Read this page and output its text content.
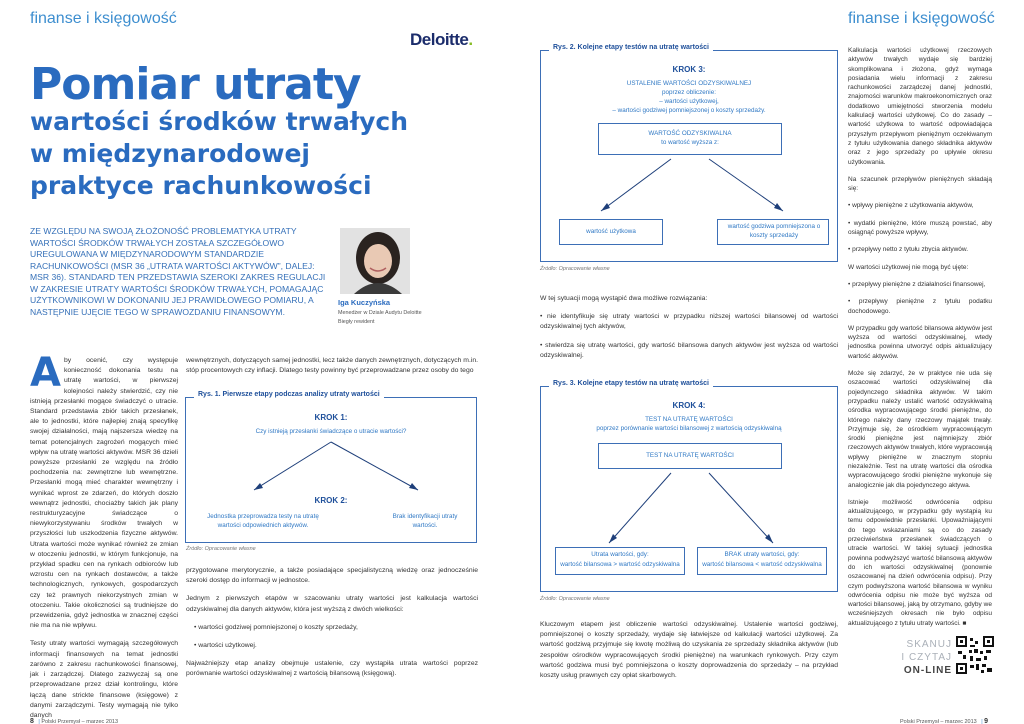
finanse i księgowość
Deloitte.
Pomiar utraty
wartości środków trwałych
w międzynarodowej
praktyce rachunkowości
ZE WZGLĘDU NA SWOJĄ ZŁOŻONOŚĆ PROBLEMATYKA UTRATY WARTOŚCI ŚRODKÓW TRWAŁYCH ZOSTAŁA SZCZEGÓŁOWO UREGULOWANA W MIĘDZYNARODOWYM STANDARDZIE RACHUNKOWOŚCI (MSR 36 „UTRATA WARTOŚCI AKTYWÓW”, DALEJ: MSR 36). STANDARD TEN PRZEDSTAWIA SZEROKI ZAKRES REGULACJI W ZAKRESIE UTRATY WARTOŚCI ŚRODKÓW TRWAŁYCH, POMAGAJĄC UŻYTKOWNIKOWI W DOKONANIU JEJ PRAWIDŁOWEGO POMIARU, A NASTĘPNIE UJĘCIE TEGO W SPRAWOZDANIU FINANSOWYM.
Iga Kuczyńska
Menedżer w Dziale Audytu Deloitte
Biegły rewident

Aby ocenić, czy występuje konieczność dokonania testu na utratę wartości, w pierwszej kolejności należy stwierdzić, czy nie istnieją przesłanki mogące świadczyć o utracie. Standard przedstawia zbiór takich przesłanek, ale to jednostki, które najlepiej znają specyfikę swojej działalności, mają najszersza wiedzę na temat potencjalnych zagrożeń mogących mieć wpływ na utratę wartości aktywów. MSR 36 dzieli powyższe przesłanki ze względu na źródło pochodzenia na: zewnętrzne lub wewnętrzne. Przesłanki mogą mieć charakter wewnętrzny i wynikać wprost ze zdarzeń, do których doszło wewnątrz jednostki, chociażby takich jak plany restrukturyzacyjne świadczące o niewykorzystywaniu środków trwałych w przyszłości lub uszkodzenia fizyczne aktywów. Utrata wartości może wynikać również ze zmian w otoczeniu jednostki, w którym funkcjonuje, na przykład spadku cen na rynkach odbiorców lub wzrostu cen na rynkach dostawców, a także technologicznych, rynkowych, gospodarczych czy też prawnych niekorzystnych zmian w otoczeniu. Takie okoliczności są trudniejsze do przewidzenia, gdyż jednostka w znacznej części nie ma na nie wpływu.

Testy utraty wartości wymagają szczegółowych informacji finansowych na temat jednostki zarówno z zakresu rachunkowości finansowej, jak i zarządczej. Dlatego zazwyczaj są one przeprowadzane przez dział kontrolingu, które łączą dane strickte finansowe (księgowe) z danymi zarządczymi. Testy wymagają nie tylko danych

wewnętrznych, dotyczących samej jednostki, lecz także danych zewnętrznych, dotyczących m.in. stóp procentowych czy inflacji. Dlatego testy powinny być przeprowadzane przez osoby do tego

Rys. 1. Pierwsze etapy podczas analizy utraty wartości
KROK 1:
Czy istnieją przesłanki świadczące o utracie wartości?
KROK 2:
Jednostka przeprowadza testy na utratę wartości odpowiednich aktywów.
Brak identyfikacji utraty wartości.
Źródło: Opracowanie własne

przygotowane merytorycznie, a także posiadające specjalistyczną wiedzę oraz jednocześnie szeroki dostęp do informacji w jednostce.

Jednym z pierwszych etapów w szacowaniu utraty wartości jest kalkulacja wartości odzyskiwalnej dla danych aktywów, która jest wyższą z dwóch wielkości:

• wartości godziwej pomniejszonej o koszty sprzedaży,

• wartości użytkowej.

Najważniejszy etap analizy obejmuje ustalenie, czy wystąpiła utrata wartości poprzez porównanie wartości odzyskiwalnej z wartością bilansową (księgową).

finanse i księgowość
Rys. 2. Kolejne etapy testów na utratę wartości
KROK 3:
USTALENIE WARTOŚCI ODZYSKIWALNEJ
poprzez obliczenie:
– wartości użytkowej,
– wartości godziwej pomniejszonej o koszty sprzedaży.
WARTOŚĆ ODZYSKIWALNA
to wartość wyższa z:
wartość użytkowa
wartość godziwa pomniejszona o koszty sprzedaży
Źródło: Opracowanie własne

W tej sytuacji mogą wystąpić dwa możliwe rozwiązania:

• nie identyfikuje się utraty wartości w przypadku niższej wartości bilansowej od wartości odzyskiwalnej tych aktywów,

• stwierdza się utratę wartości, gdy wartość bilansowa danych aktywów jest wyższa od wartości odzyskiwalnej.

Rys. 3. Kolejne etapy testów na utratę wartości
KROK 4:
TEST NA UTRATĘ WARTOŚCI
poprzez porównanie wartości bilansowej z wartością odzyskiwalną
TEST NA UTRATĘ WARTOŚCI
Utrata wartości, gdy:
wartość bilansowa > wartość odzyskiwalna
BRAK utraty wartości, gdy:
wartość bilansowa < wartość odzyskiwalna
Źródło: Opracowanie własne

Kluczowym etapem jest obliczenie wartości odzyskiwalnej. Ustalenie wartości godziwej, pomniejszonej o koszty sprzedaży, wydaje się łatwiejsze od kalkulacji wartości użytkowej. Za wartość godziwą przyjmuje się kwotę możliwą do uzyskania ze sprzedaży składnika aktywów (lub zespołów ośrodków wypracowujących środki pieniężne) na warunkach rynkowych. Przy czym wartość godziwa musi być pomniejszona o koszty doprowadzenia do sprzedaży – na przykład koszty usług prawnych czy opłat skarbowych.

Kalkulacja wartości użytkowej rzeczowych aktywów trwałych wydaje się bardziej skomplikowana i złożona, gdyż wymaga posiadania wielu informacji z zakresu rachunkowości zarządczej danej jednostki, znajomości warunków makroekonomicznych oraz dodatkowo umiejętności stworzenia modelu kalkulacji wartości użytkowej. Co do zasady – wartość użytkowa to wartość odpowiadająca przyszłym przepływom pieniężnym oczekiwanym z tytułu użytkowania danego składnika aktywów oraz z jego sprzedaży po upływie okresu użytkowania.

Na szacunek przepływów pieniężnych składają się:

• wpływy pieniężne z użytkowania aktywów,

• wydatki pieniężne, które muszą powstać, aby osiągnąć powyższe wpływy,

• przepływy netto z tytułu zbycia aktywów.

W wartości użytkowej nie mogą być ujęte:

• przepływy pieniężne z działalności finansowej,

• przepływy pieniężne z tytułu podatku dochodowego.

W przypadku gdy wartość bilansowa aktywów jest wyższa od wartości odzyskiwalnej, wtedy jednostka powinna utworzyć odpis aktualizujący wartość aktywów.

Może się zdarzyć, że w praktyce nie uda się oszacować wartości odzyskiwalnej dla pojedynczego składnika aktywów. W takim przypadku należy ustalić wartość odzyskiwalną ośrodka wypracowującego środki pieniężne, do którego należy dany rzeczowy majątek trwały. Przyjmuje się, że ośrodkiem wypracowującym środki pieniężne jest najmniejszy zbiór rzeczowych aktywów trwałych, które wypracowują wpływy pieniężne w znacznym stopniu niezależnie. Test na utratę wartości dla ośrodka wypracowującego środki pieniężne wykonuje się analogicznie jak dla pojedynczego aktywa.

Istnieje możliwość odwrócenia odpisu aktualizującego, w przypadku gdy wystąpią ku temu odpowiednie przesłanki. Upoważniającymi do tego wskazaniami są co do zasady przeciwieństwa przesłanek świadczących o utracie wartości. W takiej sytuacji jednostka powinna podwyższyć wartość bilansową aktywów do ich wartości odzyskiwalnej (ponownie oszacowanej na dzień odwrócenia odpisu). Przy czym podwyższona wartość bilansowa w wyniku odwrócenia odpisu nie może być wyższa od wartości bilansowej, jaką by otrzymano, gdyby we wcześniejszych okresach nie było odpisu aktualizującego z tytułu utraty wartości. ■

SKANUJ
I CZYTAJ
ON-LINE
8 | Polski Przemysł – marzec 2013	Polski Przemysł – marzec 2013 | 9
